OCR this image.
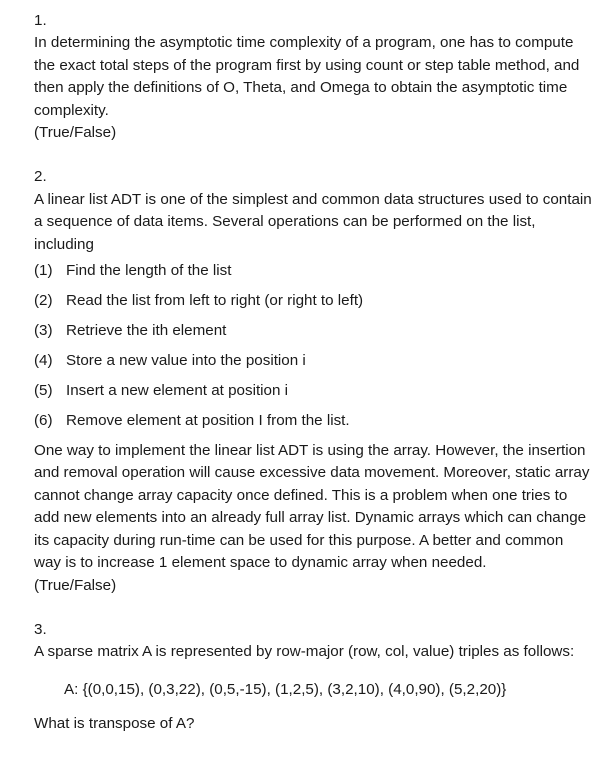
1.
In determining the asymptotic time complexity of a program, one has to compute the exact total steps of the program first by using count or step table method, and then apply the definitions of O, Theta, and Omega to obtain the asymptotic time complexity.
(True/False)
2.
A linear list ADT is one of the simplest and common data structures used to contain a sequence of data items. Several operations can be performed on the list, including
(1) Find the length of the list
(2) Read the list from left to right (or right to left)
(3) Retrieve the ith element
(4) Store a new value into the position i
(5) Insert a new element at position i
(6) Remove element at position I from the list.
One way to implement the linear list ADT is using the array. However, the insertion and removal operation will cause excessive data movement. Moreover, static array cannot change array capacity once defined. This is a problem when one tries to add new elements into an already full array list. Dynamic arrays which can change its capacity during run-time can be used for this purpose. A better and common way is to increase 1 element space to dynamic array when needed.
(True/False)
3.
A sparse matrix A is represented by row-major (row, col, value) triples as follows:
A: {(0,0,15), (0,3,22), (0,5,-15), (1,2,5), (3,2,10), (4,0,90), (5,2,20)}
What is transpose of A?
